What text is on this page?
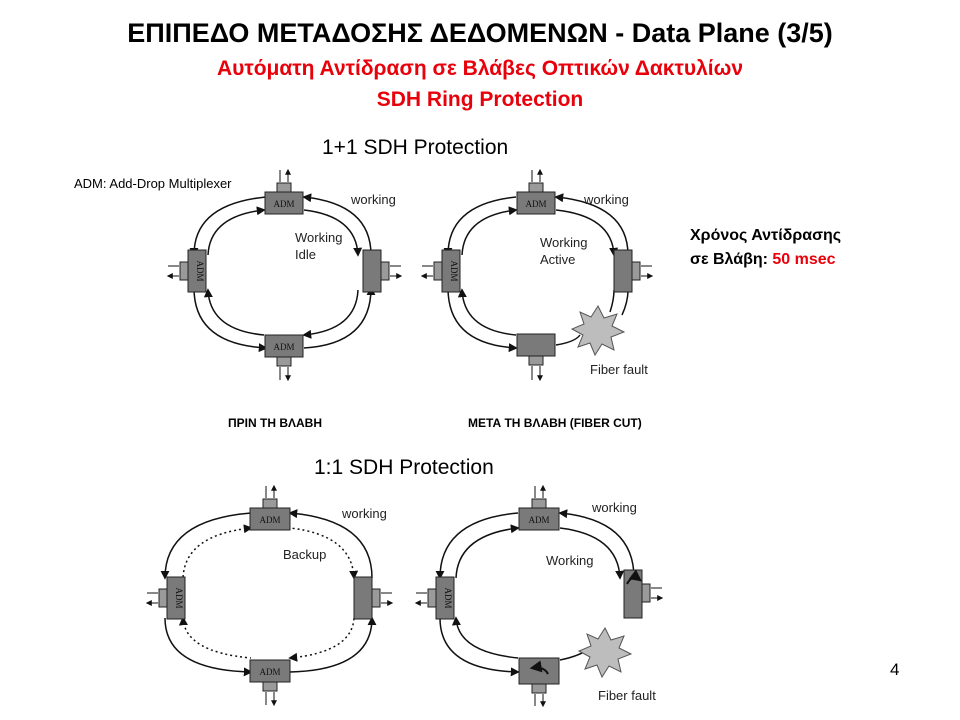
ΕΠΙΠΕΔΟ ΜΕΤΑΔΟΣΗΣ ΔΕΔΟΜΕΝΩΝ - Data Plane (3/5)
Αυτόματη Αντίδραση σε Βλάβες Οπτικών Δακτυλίων
SDH Ring Protection
1+1 SDH Protection
1:1 SDH Protection
ADM: Add-Drop Multiplexer
ΠΡΙΝ ΤΗ ΒΛΑΒΗ	ΜΕΤΑ ΤΗ ΒΛΑΒΗ (FIBER CUT)
Χρόνος Αντίδρασης
σε Βλάβη: 50 msec
4
ADM
ADM
ADM
working
Working
Idle
ADM
ADM
working
Working
Active
Fiber fault
ADM
ADM
ADM
working
Backup
ADM
ADM
working
Working
Fiber fault
